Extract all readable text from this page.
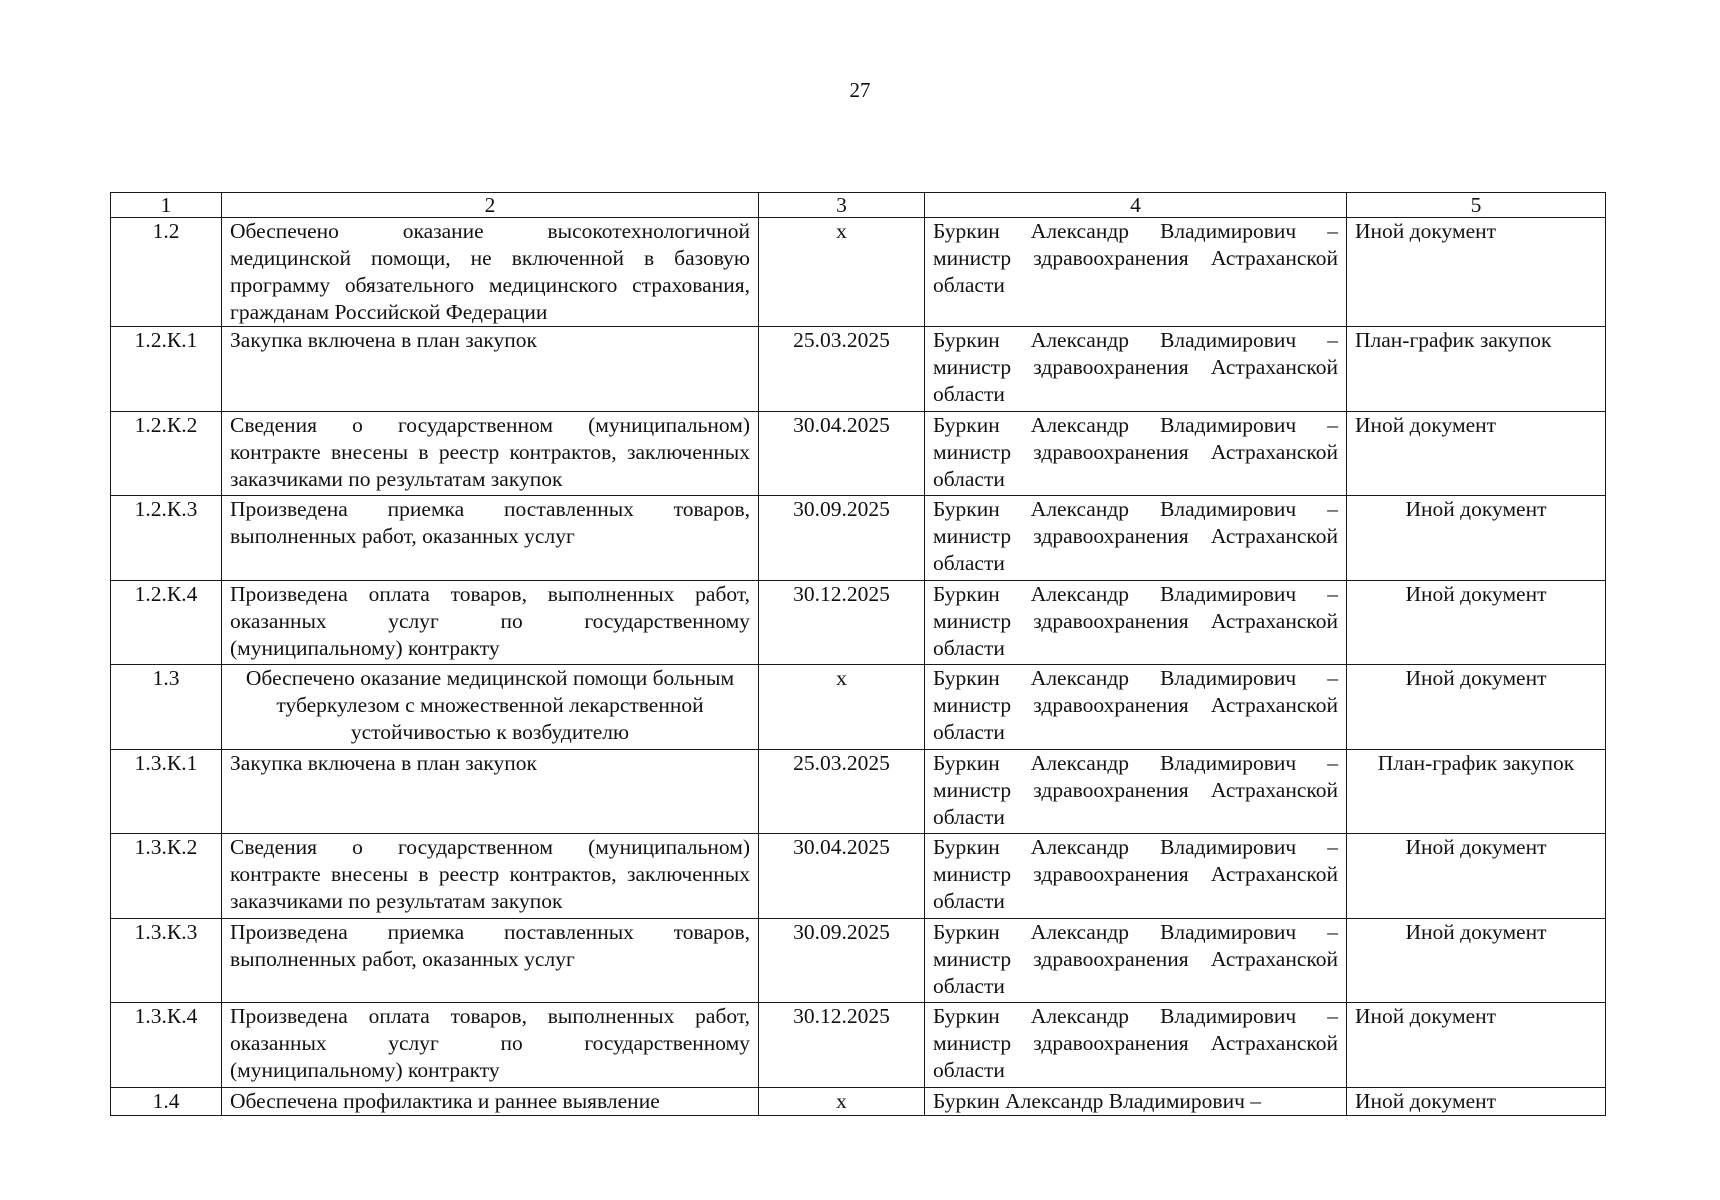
27
1	2	3	4	5
1.2	Обеспечено оказание высокотехнологичной медицинской помощи, не включенной в базовую программу обязательного медицинского страхования, гражданам Российской Федерации	х	Буркин Александр Владимирович – министр здравоохранения Астраханской области	Иной документ
1.2.К.1	Закупка включена в план закупок	25.03.2025	Буркин Александр Владимирович – министр здравоохранения Астраханской области	План-график закупок
1.2.К.2	Сведения о государственном (муниципальном) контракте внесены в реестр контрактов, заключенных заказчиками по результатам закупок	30.04.2025	Буркин Александр Владимирович – министр здравоохранения Астраханской области	Иной документ
1.2.К.3	Произведена приемка поставленных товаров, выполненных работ, оказанных услуг	30.09.2025	Буркин Александр Владимирович – министр здравоохранения Астраханской области	Иной документ
1.2.К.4	Произведена оплата товаров, выполненных работ, оказанных услуг по государственному (муниципальному) контракту	30.12.2025	Буркин Александр Владимирович – министр здравоохранения Астраханской области	Иной документ
1.3	Обеспечено оказание медицинской помощи больным туберкулезом с множественной лекарственной устойчивостью к возбудителю	х	Буркин Александр Владимирович – министр здравоохранения Астраханской области	Иной документ
1.3.К.1	Закупка включена в план закупок	25.03.2025	Буркин Александр Владимирович – министр здравоохранения Астраханской области	План-график закупок
1.3.К.2	Сведения о государственном (муниципальном) контракте внесены в реестр контрактов, заключенных заказчиками по результатам закупок	30.04.2025	Буркин Александр Владимирович – министр здравоохранения Астраханской области	Иной документ
1.3.К.3	Произведена приемка поставленных товаров, выполненных работ, оказанных услуг	30.09.2025	Буркин Александр Владимирович – министр здравоохранения Астраханской области	Иной документ
1.3.К.4	Произведена оплата товаров, выполненных работ, оказанных услуг по государственному (муниципальному) контракту	30.12.2025	Буркин Александр Владимирович – министр здравоохранения Астраханской области	Иной документ
1.4	Обеспечена профилактика и раннее выявление	х	Буркин Александр Владимирович –	Иной документ
